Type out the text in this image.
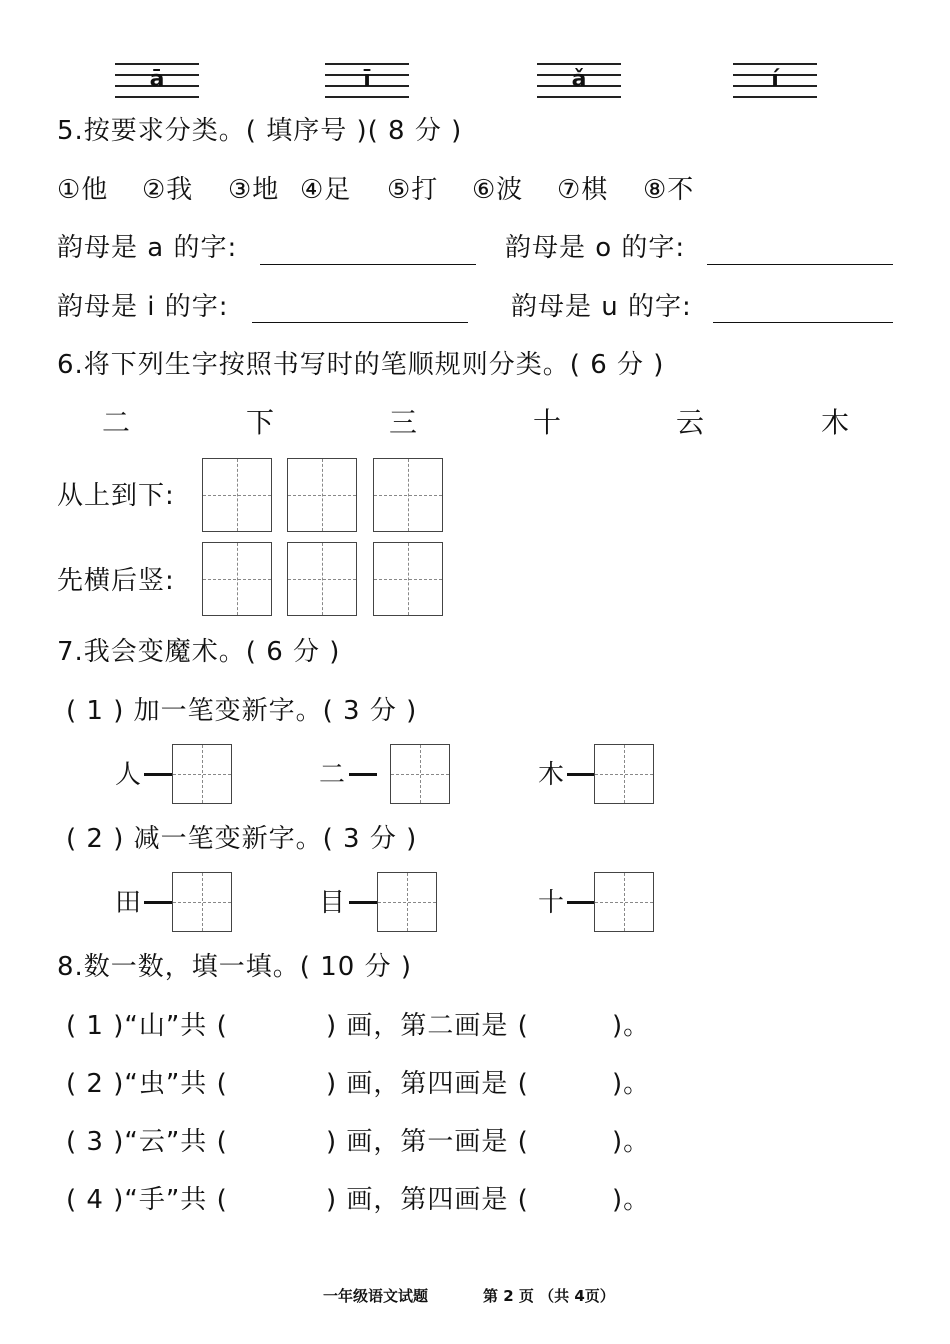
ā	ī	ǎ	í
5.按要求分类。( 填序号 )( 8 分 )
①他 ②我 ③地 ④足 ⑤打 ⑥波 ⑦棋 ⑧不
韵母是 a 的字:	韵母是 o 的字:
韵母是 i 的字:	韵母是 u 的字:
6.将下列生字按照书写时的笔顺规则分类。( 6 分 )
二	下	三	十	云	木
从上到下:
先横后竖:
7.我会变魔术。( 6 分 )
( 1 ) 加一笔变新字。( 3 分 )
人	二	木
( 2 ) 减一笔变新字。( 3 分 )
田	目	十
8.数一数，填一填。( 10 分 )
( 1 )“山”共 (	) 画，第二画是 (	)。
( 2 )“虫”共 (	) 画，第四画是 (	)。
( 3 )“云”共 (	) 画，第一画是 (	)。
( 4 )“手”共 (	) 画，第四画是 (	)。
一年级语文试题	第 2 页 （共 4页）
